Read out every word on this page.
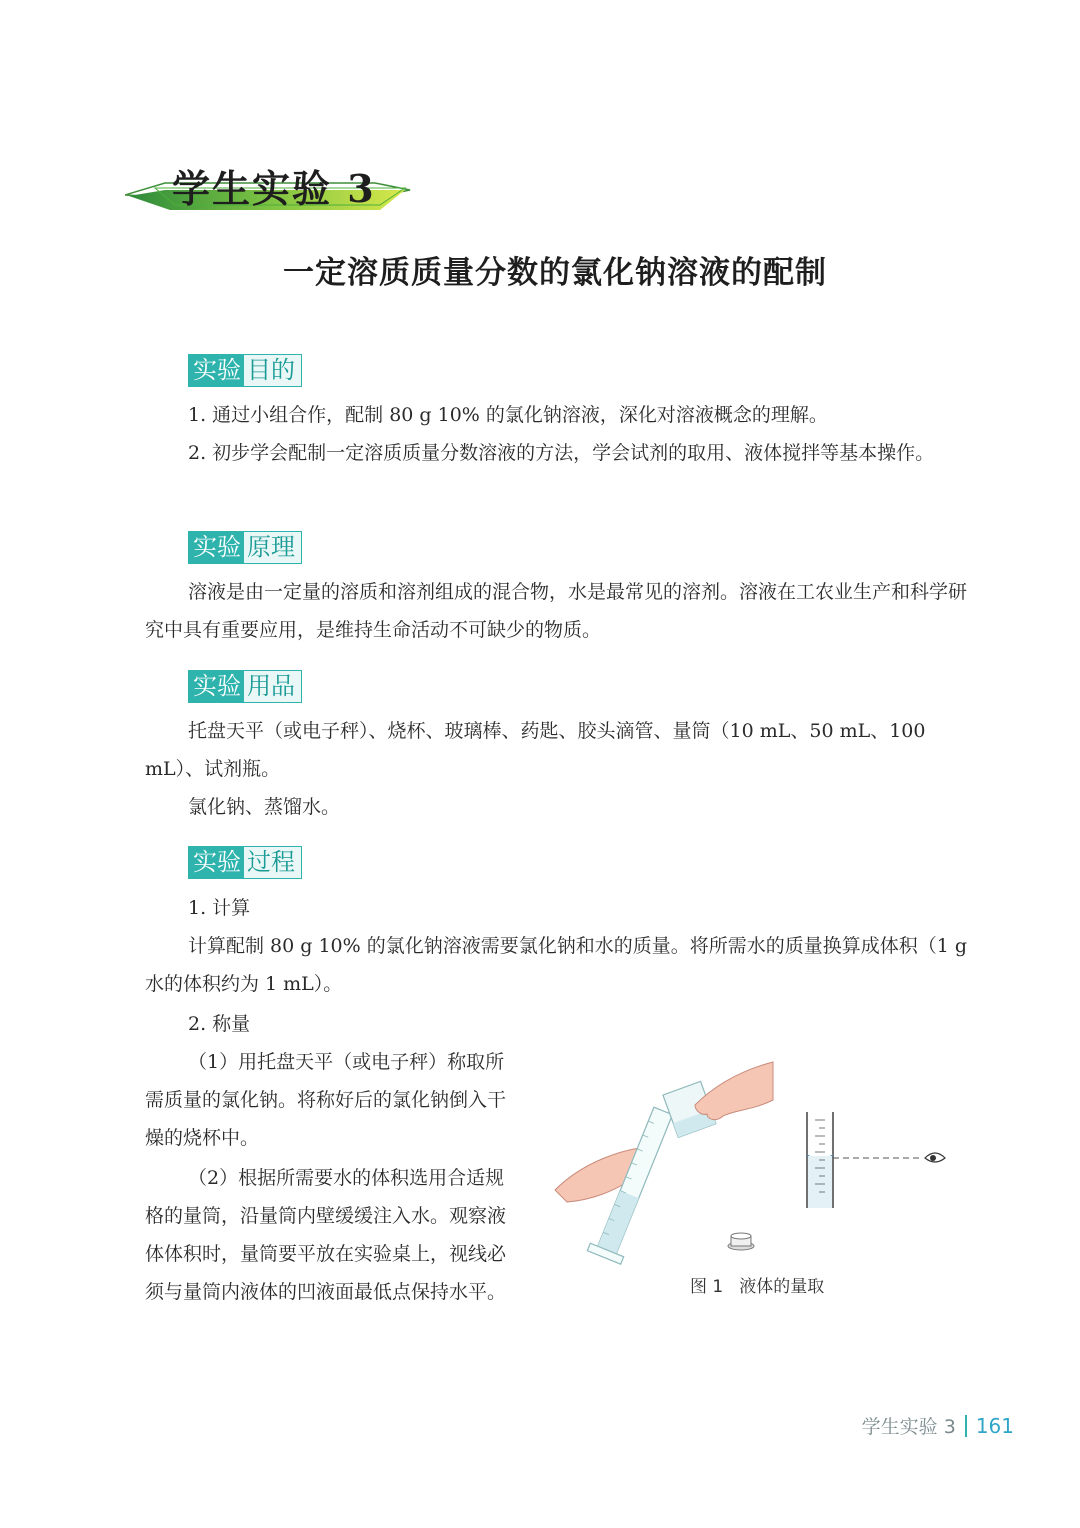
学生实验 3
一定溶质质量分数的氯化钠溶液的配制
实验 目的

1. 通过小组合作，配制 80 g 10% 的氯化钠溶液，深化对溶液概念的理解。

2. 初步学会配制一定溶质质量分数溶液的方法，学会试剂的取用、液体搅拌等基本操作。

实验 原理

溶液是由一定量的溶质和溶剂组成的混合物，水是最常见的溶剂。溶液在工农业生产和科学研究中具有重要应用，是维持生命活动不可缺少的物质。

实验 用品

托盘天平（或电子秤）、烧杯、玻璃棒、药匙、胶头滴管、量筒（10 mL、50 mL、100 mL）、试剂瓶。

氯化钠、蒸馏水。

实验 过程

1. 计算

计算配制 80 g 10% 的氯化钠溶液需要氯化钠和水的质量。将所需水的质量换算成体积（1 g 水的体积约为 1 mL）。

2. 称量

（1）用托盘天平（或电子秤）称取所需质量的氯化钠。将称好后的氯化钠倒入干燥的烧杯中。

（2）根据所需要水的体积选用合适规格的量筒，沿量筒内壁缓缓注入水。观察液体体积时，量筒要平放在实验桌上，视线必须与量筒内液体的凹液面最低点保持水平。	图 1 液体的量取
学生实验 3 161
